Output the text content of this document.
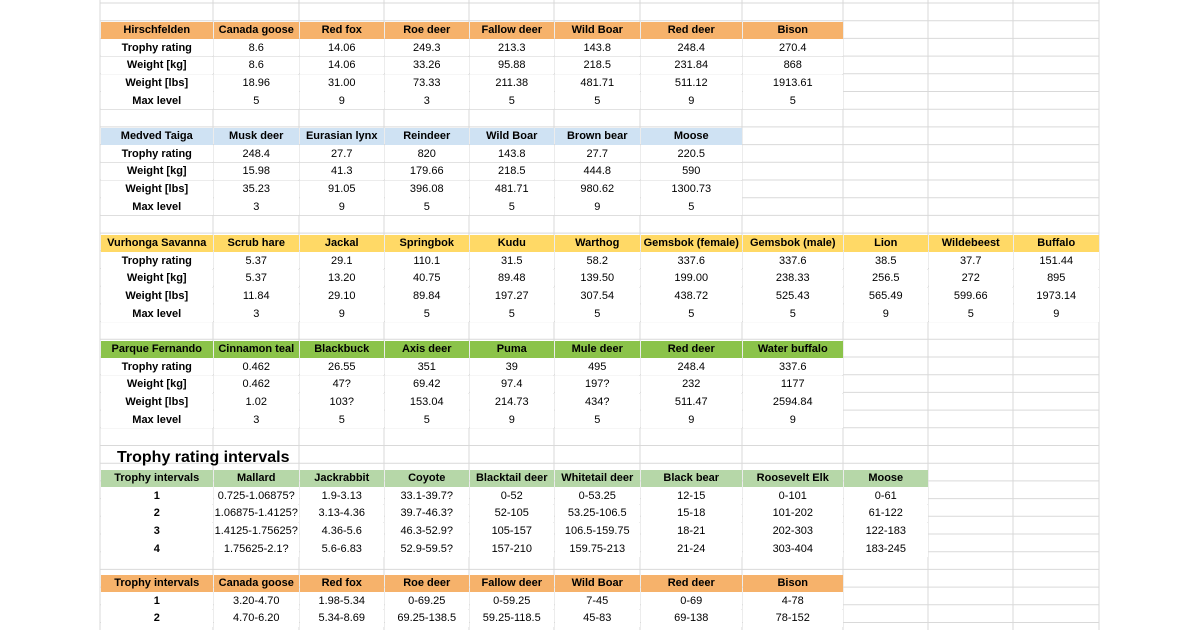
Hirschfelden	Canada goose	Red fox	Roe deer	Fallow deer	Wild Boar	Red deer	Bison
Trophy rating	8.6	14.06	249.3	213.3	143.8	248.4	270.4
Weight [kg]	8.6	14.06	33.26	95.88	218.5	231.84	868
Weight [lbs]	18.96	31.00	73.33	211.38	481.71	511.12	1913.61
Max level	5	9	3	5	5	9	5
Medved Taiga	Musk deer	Eurasian lynx	Reindeer	Wild Boar	Brown bear	Moose
Trophy rating	248.4	27.7	820	143.8	27.7	220.5
Weight [kg]	15.98	41.3	179.66	218.5	444.8	590
Weight [lbs]	35.23	91.05	396.08	481.71	980.62	1300.73
Max level	3	9	5	5	9	5
Vurhonga Savanna	Scrub hare	Jackal	Springbok	Kudu	Warthog	Gemsbok (female)	Gemsbok (male)	Lion	Wildebeest	Buffalo
Trophy rating	5.37	29.1	110.1	31.5	58.2	337.6	337.6	38.5	37.7	151.44
Weight [kg]	5.37	13.20	40.75	89.48	139.50	199.00	238.33	256.5	272	895
Weight [lbs]	11.84	29.10	89.84	197.27	307.54	438.72	525.43	565.49	599.66	1973.14
Max level	3	9	5	5	5	5	5	9	5	9
Parque Fernando	Cinnamon teal	Blackbuck	Axis deer	Puma	Mule deer	Red deer	Water buffalo
Trophy rating	0.462	26.55	351	39	495	248.4	337.6
Weight [kg]	0.462	47?	69.42	97.4	197?	232	1177
Weight [lbs]	1.02	103?	153.04	214.73	434?	511.47	2594.84
Max level	3	5	5	9	5	9	9
Trophy intervals	Mallard	Jackrabbit	Coyote	Blacktail deer	Whitetail deer	Black bear	Roosevelt Elk	Moose
1	0.725-1.06875?	1.9-3.13	33.1-39.7?	0-52	0-53.25	12-15	0-101	0-61
2	1.06875-1.4125?	3.13-4.36	39.7-46.3?	52-105	53.25-106.5	15-18	101-202	61-122
3	1.4125-1.75625?	4.36-5.6	46.3-52.9?	105-157	106.5-159.75	18-21	202-303	122-183
4	1.75625-2.1?	5.6-6.83	52.9-59.5?	157-210	159.75-213	21-24	303-404	183-245
Trophy intervals	Canada goose	Red fox	Roe deer	Fallow deer	Wild Boar	Red deer	Bison
1	3.20-4.70	1.98-5.34	0-69.25	0-59.25	7-45	0-69	4-78
2	4.70-6.20	5.34-8.69	69.25-138.5	59.25-118.5	45-83	69-138	78-152
Trophy rating intervals
